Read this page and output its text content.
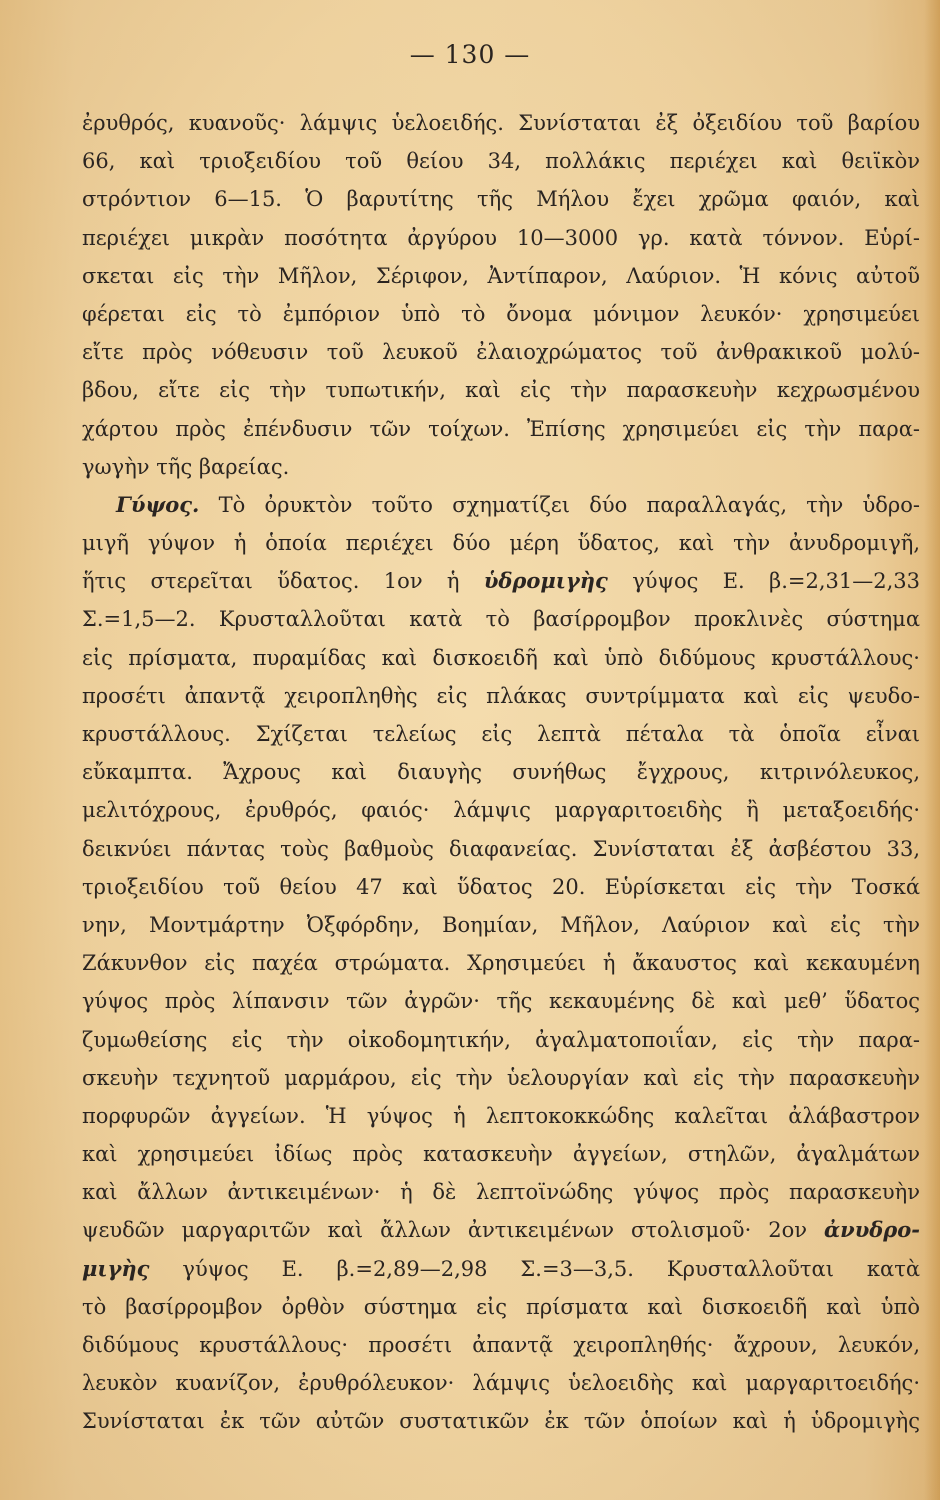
— 130 —
ἐρυθρός, κυανοῦς· λάμψις ὑελοειδής. Συνίσταται ἐξ ὀξειδίου τοῦ βαρίου
66, καὶ τριοξειδίου τοῦ θείου 34, πολλάκις περιέχει καὶ θειϊκὸν
στρόντιον 6—15. Ὁ βαρυτίτης τῆς Μήλου ἔχει χρῶμα φαιόν, καὶ
περιέχει μικρὰν ποσότητα ἀργύρου 10—3000 γρ. κατὰ τόννον. Εὑρί-
σκεται εἰς τὴν Μῆλον, Σέριφον, Ἀντίπαρον, Λαύριον. Ἡ κόνις αὐτοῦ
φέρεται εἰς τὸ ἐμπόριον ὑπὸ τὸ ὄνομα μόνιμον λευκόν· χρησιμεύει
εἴτε πρὸς νόθευσιν τοῦ λευκοῦ ἐλαιοχρώματος τοῦ ἀνθρακικοῦ μολύ-
βδου, εἴτε εἰς τὴν τυπωτικήν, καὶ εἰς τὴν παρασκευὴν κεχρωσμένου
χάρτου πρὸς ἐπένδυσιν τῶν τοίχων. Ἐπίσης χρησιμεύει εἰς τὴν παρα-
γωγὴν τῆς βαρείας.
Γύψος. Τὸ ὀρυκτὸν τοῦτο σχηματίζει δύο παραλλαγάς, τὴν ὑδρο-
μιγῆ γύψον ἡ ὁποία περιέχει δύο μέρη ὕδατος, καὶ τὴν ἀνυδρομιγῆ,
ἥτις στερεῖται ὕδατος. 1ον ἡ ὑδρομιγὴς γύψος Ε. β.=2,31—2,33
Σ.=1,5—2. Κρυσταλλοῦται κατὰ τὸ βασίρρομβον προκλινὲς σύστημα
εἰς πρίσματα, πυραμίδας καὶ δισκοειδῆ καὶ ὑπὸ διδύμους κρυστάλλους·
προσέτι ἀπαντᾷ χειροπληθὴς εἰς πλάκας συντρίμματα καὶ εἰς ψευδο-
κρυστάλλους. Σχίζεται τελείως εἰς λεπτὰ πέταλα τὰ ὁποῖα εἶναι
εὔκαμπτα. Ἄχρους καὶ διαυγὴς συνήθως ἔγχρους, κιτρινόλευκος,
μελιτόχρους, ἐρυθρός, φαιός· λάμψις μαργαριτοειδὴς ἢ μεταξοειδής·
δεικνύει πάντας τοὺς βαθμοὺς διαφανείας. Συνίσταται ἐξ ἀσβέστου 33,
τριοξειδίου τοῦ θείου 47 καὶ ὕδατος 20. Εὑρίσκεται εἰς τὴν Τοσκά
νην, Μοντμάρτην Ὀξφόρδην, Βοημίαν, Μῆλον, Λαύριον καὶ εἰς τὴν
Ζάκυνθον εἰς παχέα στρώματα. Χρησιμεύει ἡ ἄκαυστος καὶ κεκαυμένη
γύψος πρὸς λίπανσιν τῶν ἀγρῶν· τῆς κεκαυμένης δὲ καὶ μεθ’ ὕδατος
ζυμωθείσης εἰς τὴν οἰκοδομητικήν, ἀγαλματοποιΐαν, εἰς τὴν παρα-
σκευὴν τεχνητοῦ μαρμάρου, εἰς τὴν ὑελουργίαν καὶ εἰς τὴν παρασκευὴν
πορφυρῶν ἀγγείων. Ἡ γύψος ἡ λεπτοκοκκώδης καλεῖται ἀλάβαστρον
καὶ χρησιμεύει ἰδίως πρὸς κατασκευὴν ἀγγείων, στηλῶν, ἀγαλμάτων
καὶ ἄλλων ἀντικειμένων· ἡ δὲ λεπτοϊνώδης γύψος πρὸς παρασκευὴν
ψευδῶν μαργαριτῶν καὶ ἄλλων ἀντικειμένων στολισμοῦ· 2ον ἀνυδρο-
μιγὴς γύψος Ε. β.=2,89—2,98 Σ.=3—3,5. Κρυσταλλοῦται κατὰ
τὸ βασίρρομβον ὀρθὸν σύστημα εἰς πρίσματα καὶ δισκοειδῆ καὶ ὑπὸ
διδύμους κρυστάλλους· προσέτι ἀπαντᾷ χειροπληθής· ἄχρουν, λευκόν,
λευκὸν κυανίζον, ἐρυθρόλευκον· λάμψις ὑελοειδὴς καὶ μαργαριτοειδής·
Συνίσταται ἐκ τῶν αὐτῶν συστατικῶν ἐκ τῶν ὁποίων καὶ ἡ ὑδρομιγὴς
